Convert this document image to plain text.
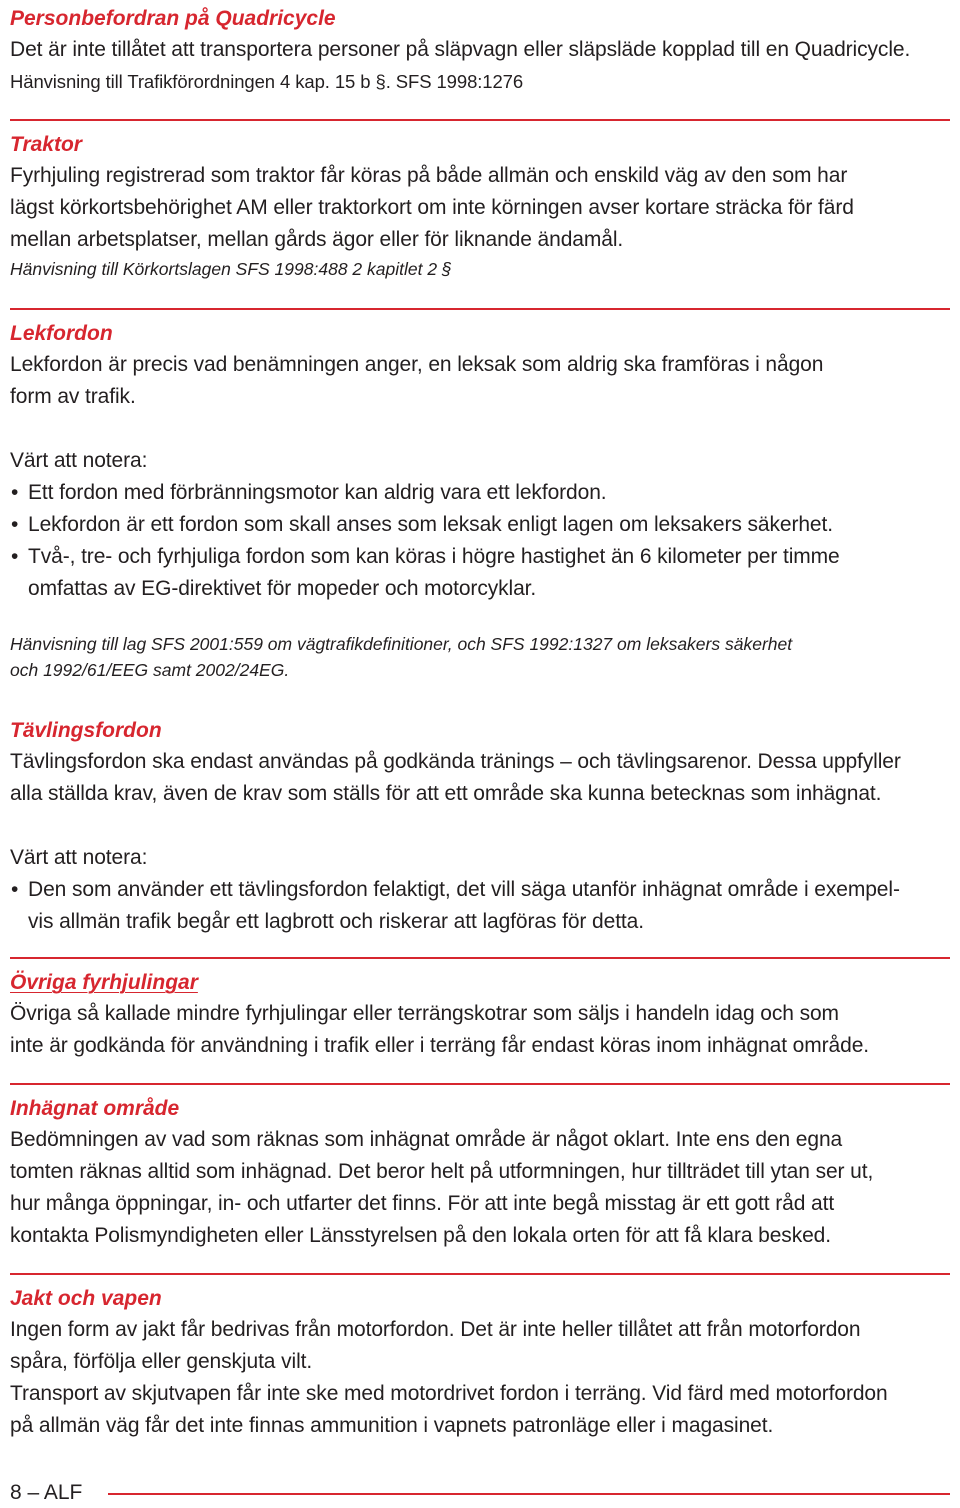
Personbefordran på Quadricycle
Det är inte tillåtet att transportera personer på släpvagn eller släpsläde kopplad till en Quadricycle.
Hänvisning till Trafikförordningen 4 kap. 15 b §. SFS 1998:1276
Traktor
Fyrhjuling registrerad som traktor får köras på både allmän och enskild väg av den som har
lägst körkortsbehörighet AM eller traktorkort om inte körningen avser kortare sträcka för färd
mellan arbetsplatser, mellan gårds ägor eller för liknande ändamål.
Hänvisning till Körkortslagen SFS 1998:488 2 kapitlet 2 §
Lekfordon
Lekfordon är precis vad benämningen anger, en leksak som aldrig ska framföras i någon
form av trafik.
Värt att notera:
• Ett fordon med förbränningsmotor kan aldrig vara ett lekfordon.
• Lekfordon är ett fordon som skall anses som leksak enligt lagen om leksakers säkerhet.
• Två-, tre- och fyrhjuliga fordon som kan köras i högre hastighet än 6 kilometer per timme
omfattas av EG-direktivet för mopeder och motorcyklar.
Hänvisning till lag SFS 2001:559 om vägtrafikdefinitioner, och SFS 1992:1327 om leksakers säkerhet
och 1992/61/EEG samt 2002/24EG.
Tävlingsfordon
Tävlingsfordon ska endast användas på godkända tränings – och tävlingsarenor. Dessa uppfyller
alla ställda krav, även de krav som ställs för att ett område ska kunna betecknas som inhägnat.
Värt att notera:
• Den som använder ett tävlingsfordon felaktigt, det vill säga utanför inhägnat område i exempel-
vis allmän trafik begår ett lagbrott och riskerar att lagföras för detta.
Övriga fyrhjulingar
Övriga så kallade mindre fyrhjulingar eller terrängskotrar som säljs i handeln idag och som
inte är godkända för användning i trafik eller i terräng får endast köras inom inhägnat område.
Inhägnat område
Bedömningen av vad som räknas som inhägnat område är något oklart. Inte ens den egna
tomten räknas alltid som inhägnad. Det beror helt på utformningen, hur tillträdet till ytan ser ut,
hur många öppningar, in- och utfarter det finns. För att inte begå misstag är ett gott råd att
kontakta Polismyndigheten eller Länsstyrelsen på den lokala orten för att få klara besked.
Jakt och vapen
Ingen form av jakt får bedrivas från motorfordon. Det är inte heller tillåtet att från motorfordon
spåra, förfölja eller genskjuta vilt.
Transport av skjutvapen får inte ske med motordrivet fordon i terräng. Vid färd med motorfordon
på allmän väg får det inte finnas ammunition i vapnets patronläge eller i magasinet.
8 – ALF
